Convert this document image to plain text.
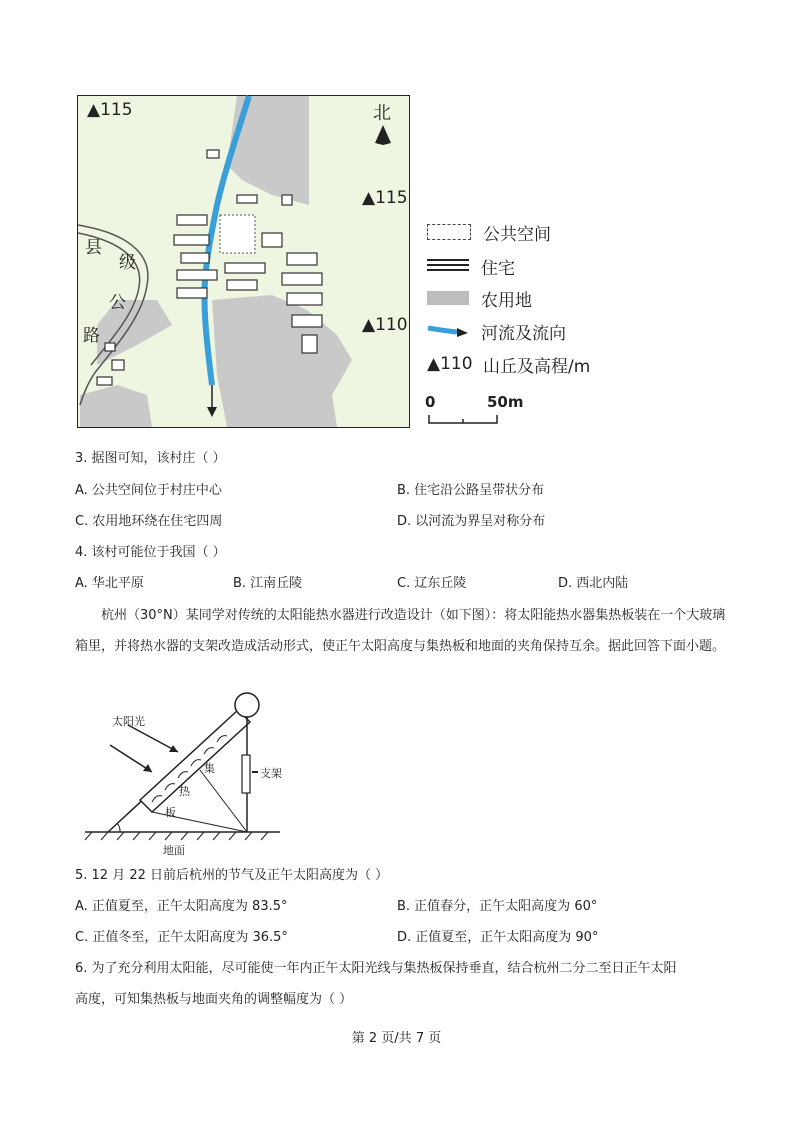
▲115
▲115
▲110
北
县
级
公
路
公共空间
住宅
农用地
河流及流向
▲110 山丘及高程/m
0	50m
3. 据图可知，该村庄（ ）
A. 公共空间位于村庄中心	B. 住宅沿公路呈带状分布
C. 农用地环绕在住宅四周	D. 以河流为界呈对称分布
4. 该村可能位于我国（ ）
A. 华北平原	B. 江南丘陵	C. 辽东丘陵	D. 西北内陆
杭州（30°N）某同学对传统的太阳能热水器进行改造设计（如下图）：将太阳能热水器集热板装在一个大玻璃箱里，并将热水器的支架改造成活动形式，使正午太阳高度与集热板和地面的夹角保持互余。据此回答下面小题。
太阳光
集
热
板
支架
地面
5. 12 月 22 日前后杭州的节气及正午太阳高度为（ ）
A. 正值夏至，正午太阳高度为 83.5°	B. 正值春分，正午太阳高度为 60°
C. 正值冬至，正午太阳高度为 36.5°	D. 正值夏至，正午太阳高度为 90°
6. 为了充分利用太阳能，尽可能使一年内正午太阳光线与集热板保持垂直，结合杭州二分二至日正午太阳
高度，可知集热板与地面夹角的调整幅度为（ ）
第 2 页/共 7 页
